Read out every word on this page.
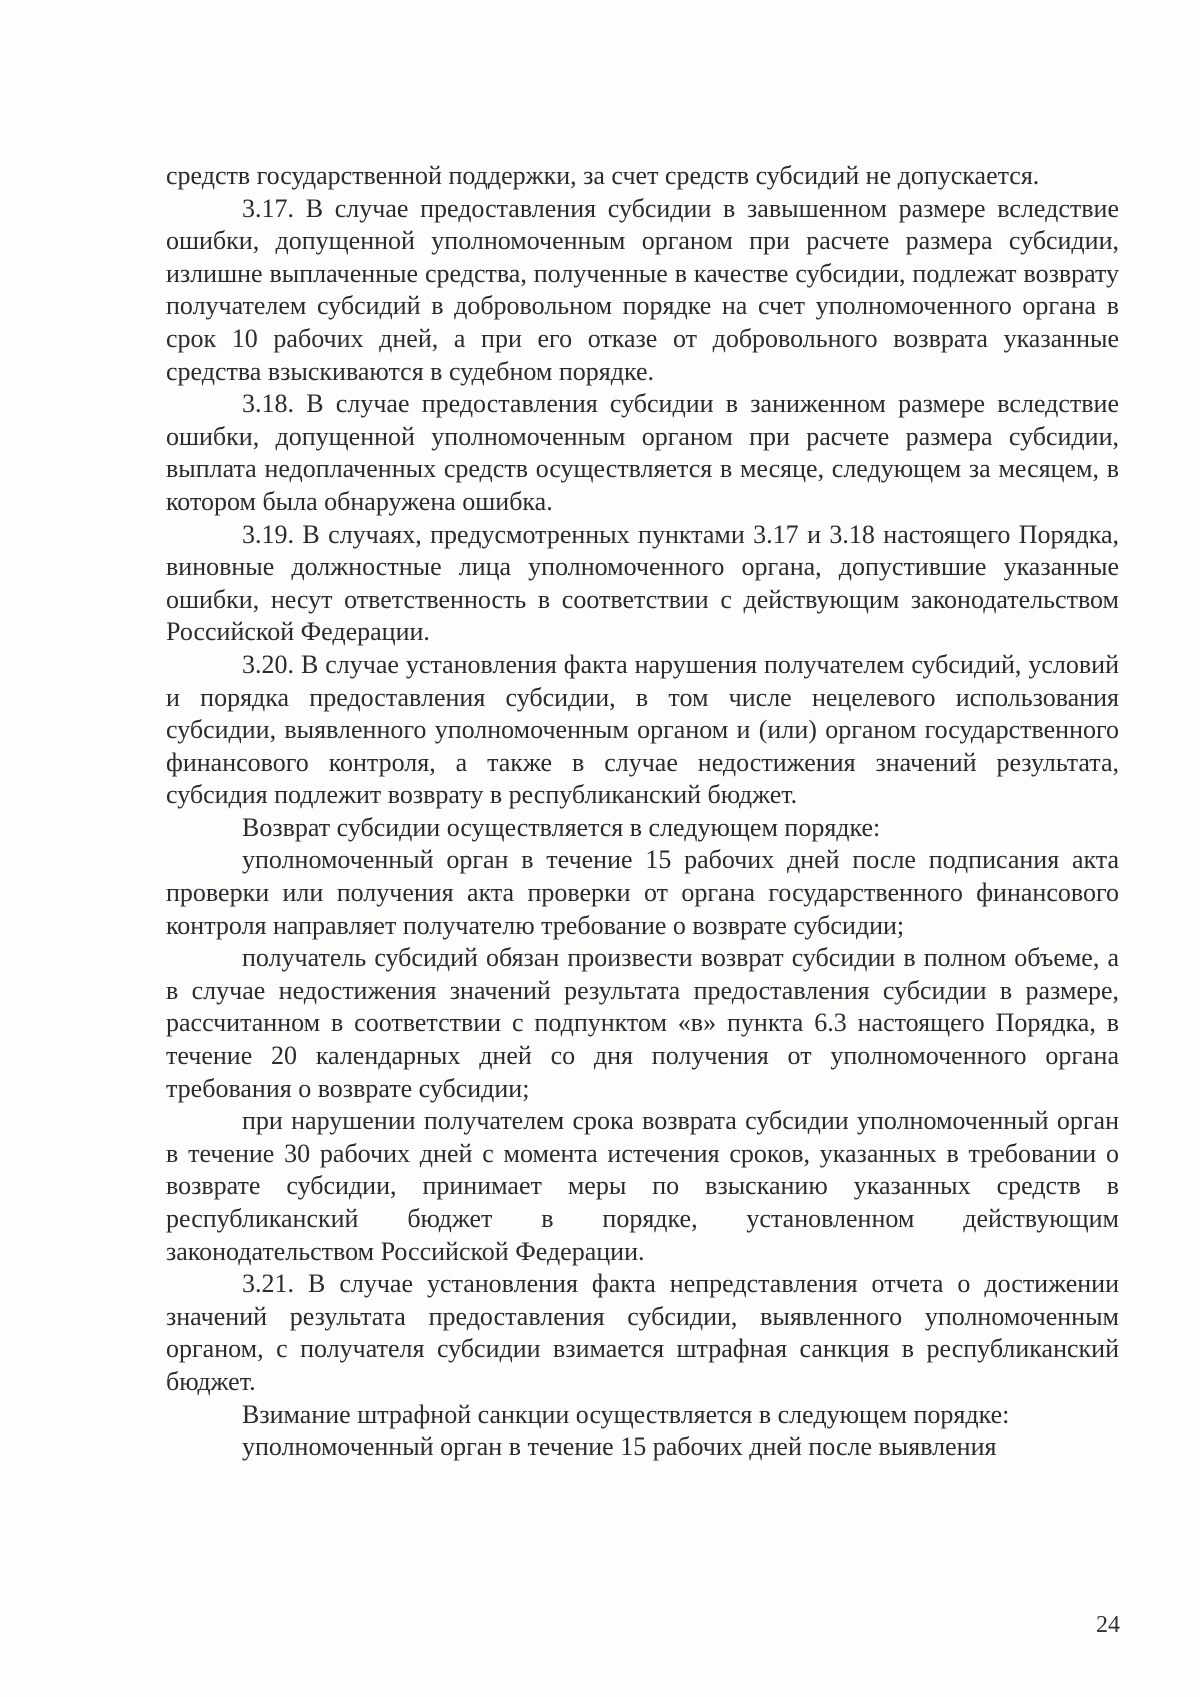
средств государственной поддержки, за счет средств субсидий не допускается.

3.17. В случае предоставления субсидии в завышенном размере вследствие ошибки, допущенной уполномоченным органом при расчете размера субсидии, излишне выплаченные средства, полученные в качестве субсидии, подлежат возврату получателем субсидий в добровольном порядке на счет уполномоченного органа в срок 10 рабочих дней, а при его отказе от добровольного возврата указанные средства взыскиваются в судебном порядке.

3.18. В случае предоставления субсидии в заниженном размере вследствие ошибки, допущенной уполномоченным органом при расчете размера субсидии, выплата недоплаченных средств осуществляется в месяце, следующем за месяцем, в котором была обнаружена ошибка.

3.19. В случаях, предусмотренных пунктами 3.17 и 3.18 настоящего Порядка, виновные должностные лица уполномоченного органа, допустившие указанные ошибки, несут ответственность в соответствии с действующим законодательством Российской Федерации.

3.20. В случае установления факта нарушения получателем субсидий, условий и порядка предоставления субсидии, в том числе нецелевого использования субсидии, выявленного уполномоченным органом и (или) органом государственного финансового контроля, а также в случае недостижения значений результата, субсидия подлежит возврату в республиканский бюджет.

Возврат субсидии осуществляется в следующем порядке:

уполномоченный орган в течение 15 рабочих дней после подписания акта проверки или получения акта проверки от органа государственного финансового контроля направляет получателю требование о возврате субсидии;

получатель субсидий обязан произвести возврат субсидии в полном объеме, а в случае недостижения значений результата предоставления субсидии в размере, рассчитанном в соответствии с подпунктом «в» пункта 6.3 настоящего Порядка, в течение 20 календарных дней со дня получения от уполномоченного органа требования о возврате субсидии;

при нарушении получателем срока возврата субсидии уполномоченный орган в течение 30 рабочих дней с момента истечения сроков, указанных в требовании о возврате субсидии, принимает меры по взысканию указанных средств в республиканский бюджет в порядке, установленном действующим законодательством Российской Федерации.

3.21. В случае установления факта непредставления отчета о достижении значений результата предоставления субсидии, выявленного уполномоченным органом, с получателя субсидии взимается штрафная санкция в республиканский бюджет.

Взимание штрафной санкции осуществляется в следующем порядке:

уполномоченный орган в течение 15 рабочих дней после выявления

24
